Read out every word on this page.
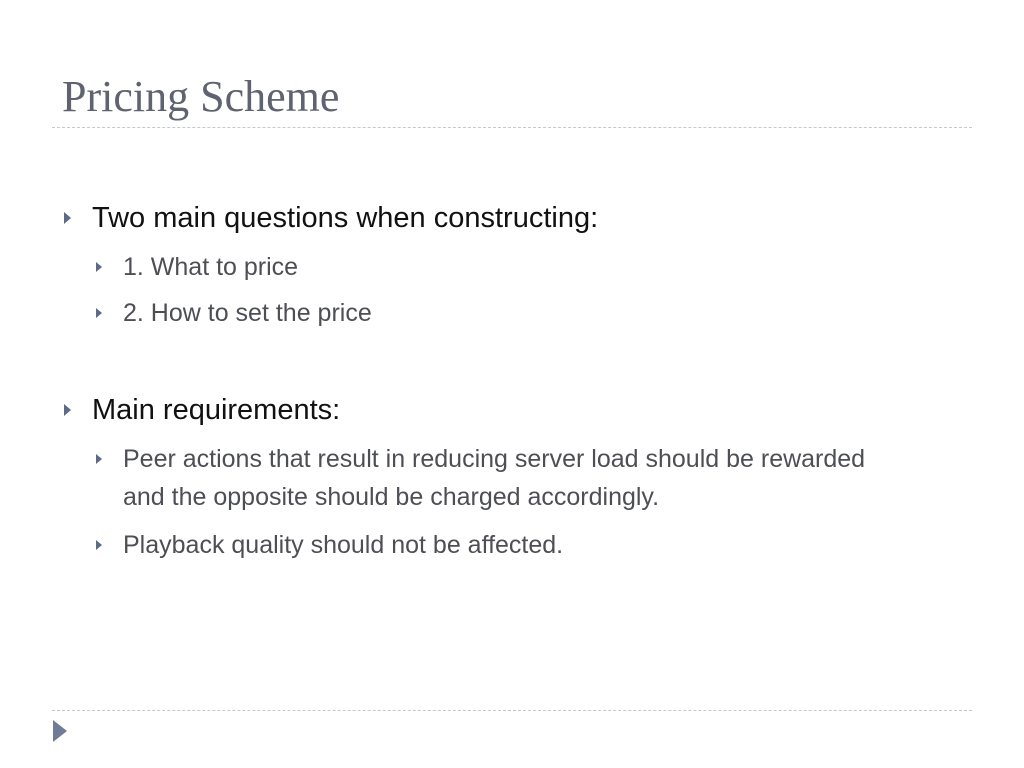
Pricing Scheme
Two main questions when constructing:
1. What to price
2. How to set the price
Main requirements:
Peer actions that result in reducing server load should be rewarded and the opposite should be charged accordingly.
Playback quality should not be affected.
